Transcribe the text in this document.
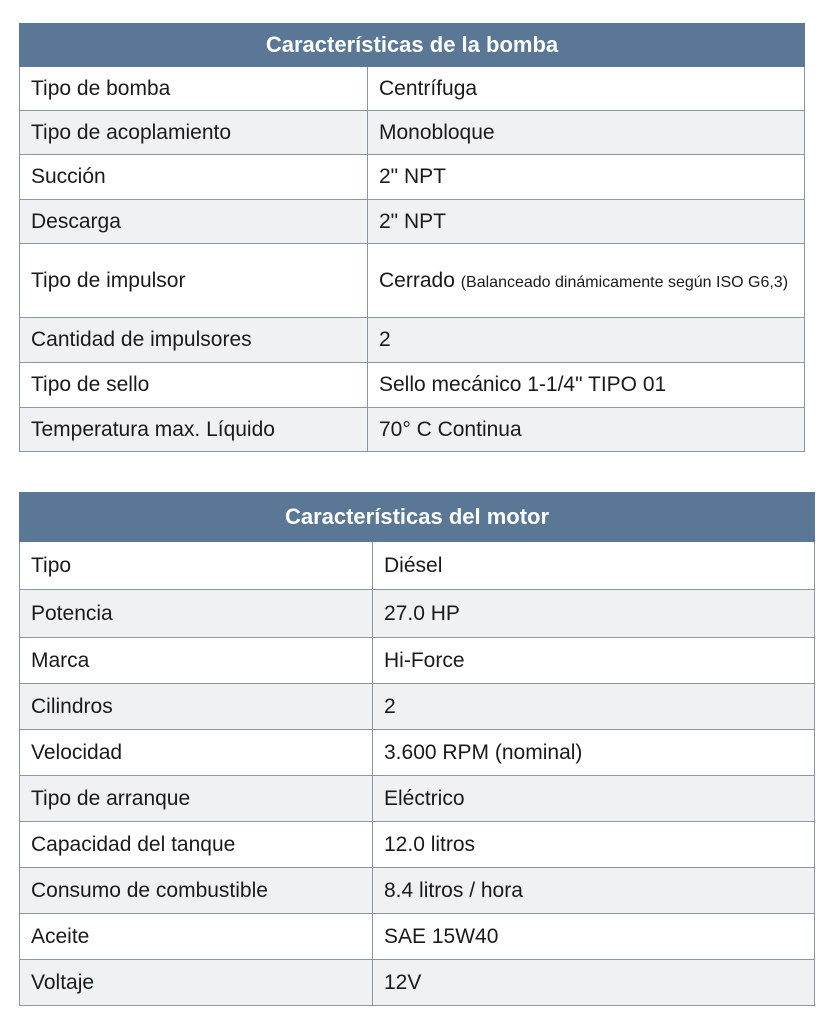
Características de la bomba	
Tipo de bomba	Centrífuga
Tipo de acoplamiento	Monobloque
Succión	2" NPT
Descarga	2" NPT
Tipo de impulsor	Cerrado (Balanceado dinámicamente según ISO G6,3)
Cantidad de impulsores	2
Tipo de sello	Sello mecánico 1-1/4" TIPO 01
Temperatura max. Líquido	70° C Continua
Características del motor	
Tipo	Diésel
Potencia	27.0 HP
Marca	Hi-Force
Cilindros	2
Velocidad	3.600 RPM (nominal)
Tipo de arranque	Eléctrico
Capacidad del tanque	12.0 litros
Consumo de combustible	8.4 litros / hora
Aceite	SAE 15W40
Voltaje	12V
